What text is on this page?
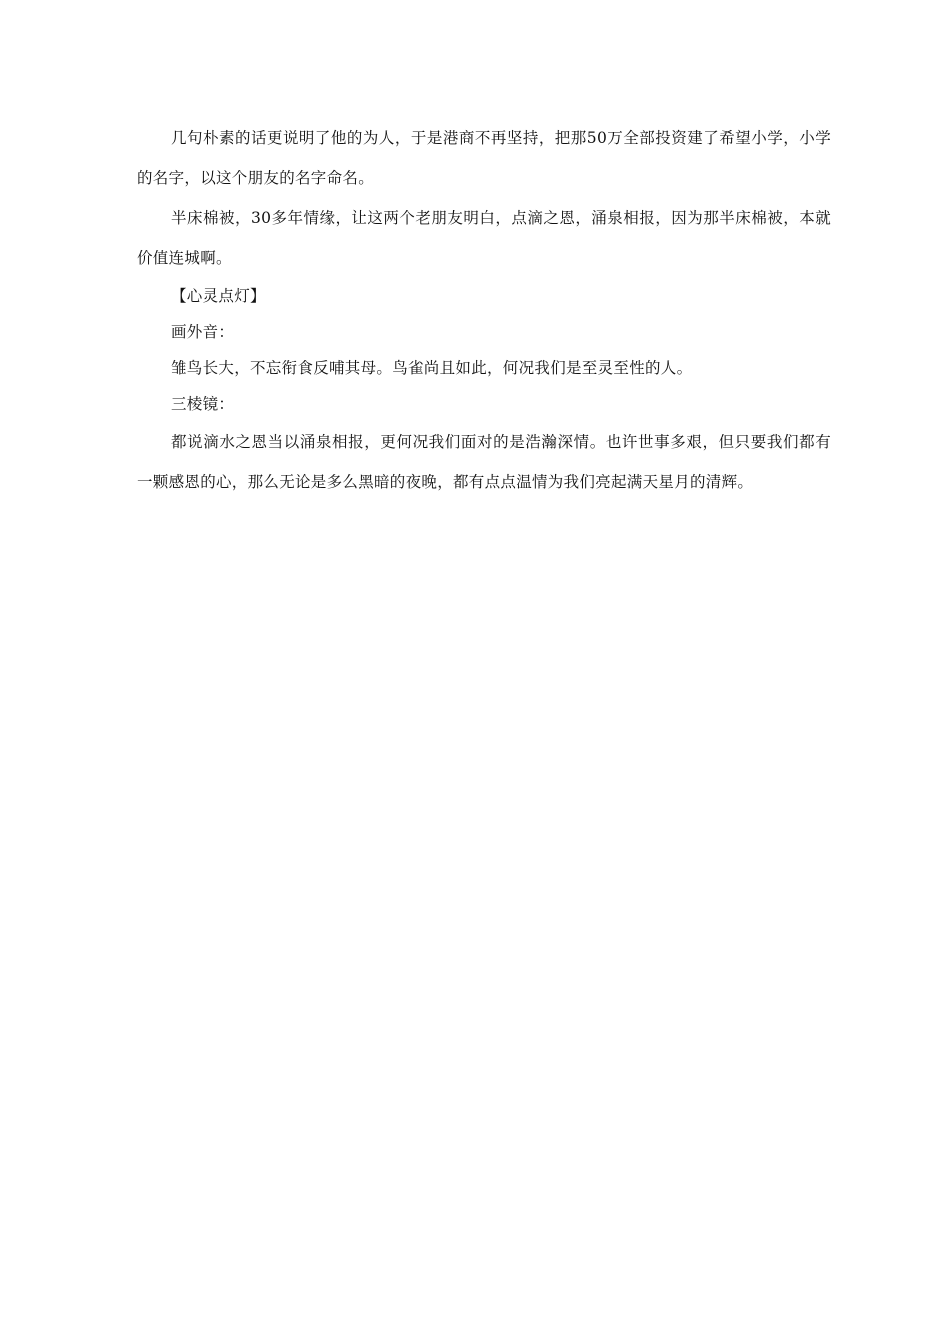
几句朴素的话更说明了他的为人，于是港商不再坚持，把那50万全部投资建了希望小学，小学的名字，以这个朋友的名字命名。

半床棉被，30多年情缘，让这两个老朋友明白，点滴之恩，涌泉相报，因为那半床棉被，本就价值连城啊。

【心灵点灯】

画外音：

雏鸟长大，不忘衔食反哺其母。鸟雀尚且如此，何况我们是至灵至性的人。

三棱镜：

都说滴水之恩当以涌泉相报，更何况我们面对的是浩瀚深情。也许世事多艰，但只要我们都有一颗感恩的心，那么无论是多么黑暗的夜晚，都有点点温情为我们亮起满天星月的清辉。
